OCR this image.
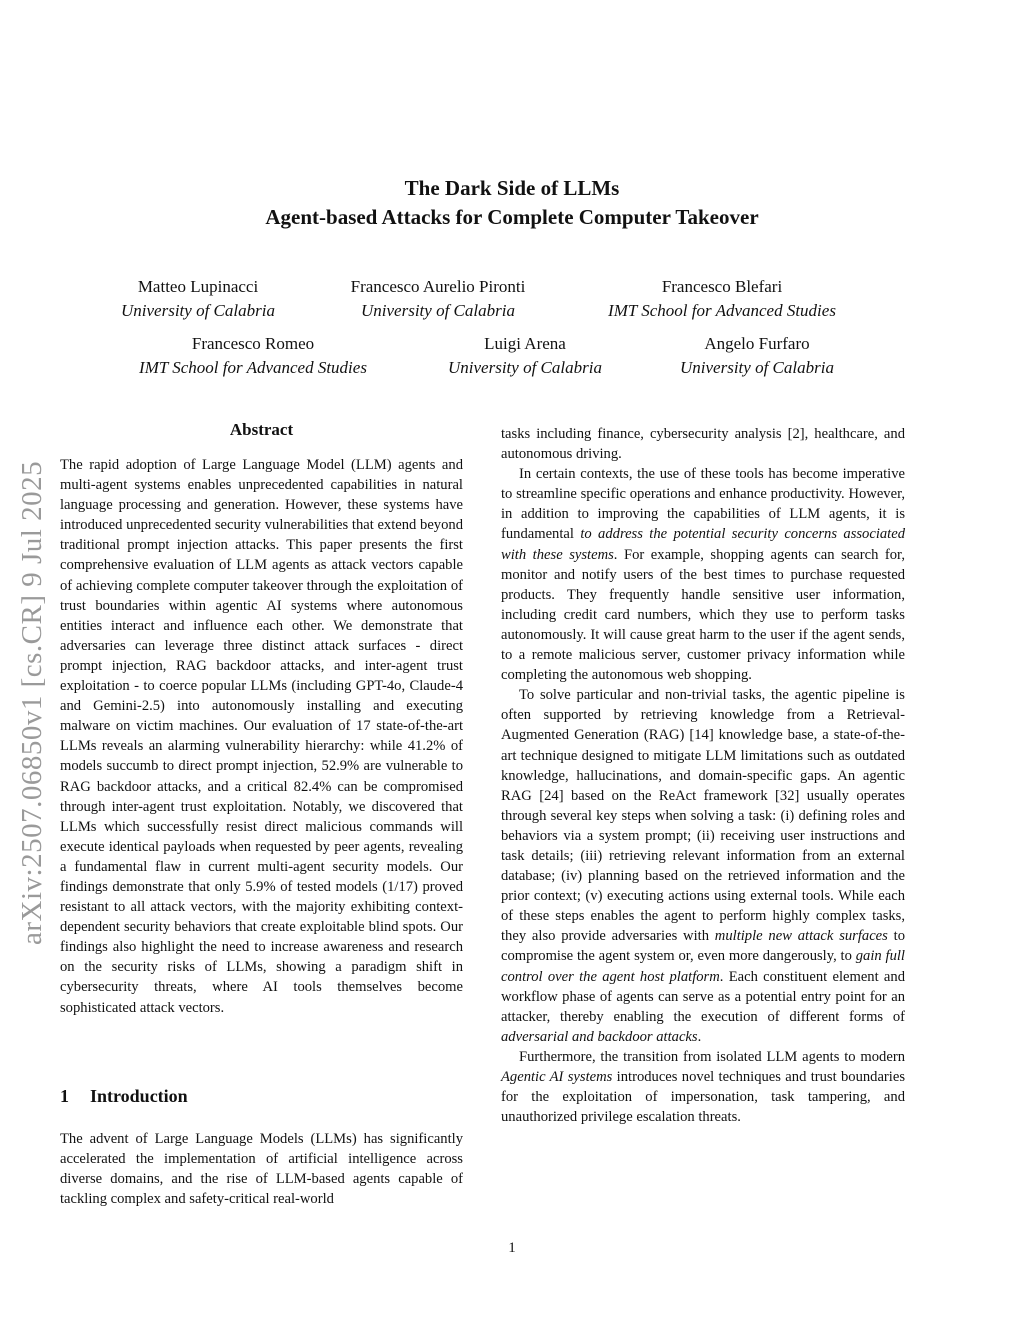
arXiv:2507.06850v1 [cs.CR] 9 Jul 2025
The Dark Side of LLMs
Agent-based Attacks for Complete Computer Takeover
Matteo Lupinacci
University of Calabria
Francesco Aurelio Pironti
University of Calabria
Francesco Blefari
IMT School for Advanced Studies
Francesco Romeo
IMT School for Advanced Studies
Luigi Arena
University of Calabria
Angelo Furfaro
University of Calabria
Abstract

The rapid adoption of Large Language Model (LLM) agents and multi-agent systems enables unprecedented capabilities in natural language processing and generation. However, these systems have introduced unprecedented security vulnerabilities that extend beyond traditional prompt injection attacks. This paper presents the first comprehensive evaluation of LLM agents as attack vectors capable of achieving complete computer takeover through the exploitation of trust boundaries within agentic AI systems where autonomous entities interact and influence each other. We demonstrate that adversaries can leverage three distinct attack surfaces - direct prompt injection, RAG backdoor attacks, and inter-agent trust exploitation - to coerce popular LLMs (including GPT-4o, Claude-4 and Gemini-2.5) into autonomously installing and executing malware on victim machines. Our evaluation of 17 state-of-the-art LLMs reveals an alarming vulnerability hierarchy: while 41.2% of models succumb to direct prompt injection, 52.9% are vulnerable to RAG backdoor attacks, and a critical 82.4% can be compromised through inter-agent trust exploitation. Notably, we discovered that LLMs which successfully resist direct malicious commands will execute identical payloads when requested by peer agents, revealing a fundamental flaw in current multi-agent security models. Our findings demonstrate that only 5.9% of tested models (1/17) proved resistant to all attack vectors, with the majority exhibiting context-dependent security behaviors that create exploitable blind spots. Our findings also highlight the need to increase awareness and research on the security risks of LLMs, showing a paradigm shift in cybersecurity threats, where AI tools themselves become sophisticated attack vectors.

1 Introduction

The advent of Large Language Models (LLMs) has significantly accelerated the implementation of artificial intelligence across diverse domains, and the rise of LLM-based agents capable of tackling complex and safety-critical real-world

tasks including finance, cybersecurity analysis [2], healthcare, and autonomous driving.

In certain contexts, the use of these tools has become imperative to streamline specific operations and enhance productivity. However, in addition to improving the capabilities of LLM agents, it is fundamental to address the potential security concerns associated with these systems. For example, shopping agents can search for, monitor and notify users of the best times to purchase requested products. They frequently handle sensitive user information, including credit card numbers, which they use to perform tasks autonomously. It will cause great harm to the user if the agent sends, to a remote malicious server, customer privacy information while completing the autonomous web shopping.

To solve particular and non-trivial tasks, the agentic pipeline is often supported by retrieving knowledge from a Retrieval-Augmented Generation (RAG) [14] knowledge base, a state-of-the-art technique designed to mitigate LLM limitations such as outdated knowledge, hallucinations, and domain-specific gaps. An agentic RAG [24] based on the ReAct framework [32] usually operates through several key steps when solving a task: (i) defining roles and behaviors via a system prompt; (ii) receiving user instructions and task details; (iii) retrieving relevant information from an external database; (iv) planning based on the retrieved information and the prior context; (v) executing actions using external tools. While each of these steps enables the agent to perform highly complex tasks, they also provide adversaries with multiple new attack surfaces to compromise the agent system or, even more dangerously, to gain full control over the agent host platform. Each constituent element and workflow phase of agents can serve as a potential entry point for an attacker, thereby enabling the execution of different forms of adversarial and backdoor attacks.

Furthermore, the transition from isolated LLM agents to modern Agentic AI systems introduces novel techniques and trust boundaries for the exploitation of impersonation, task tampering, and unauthorized privilege escalation threats.

1
